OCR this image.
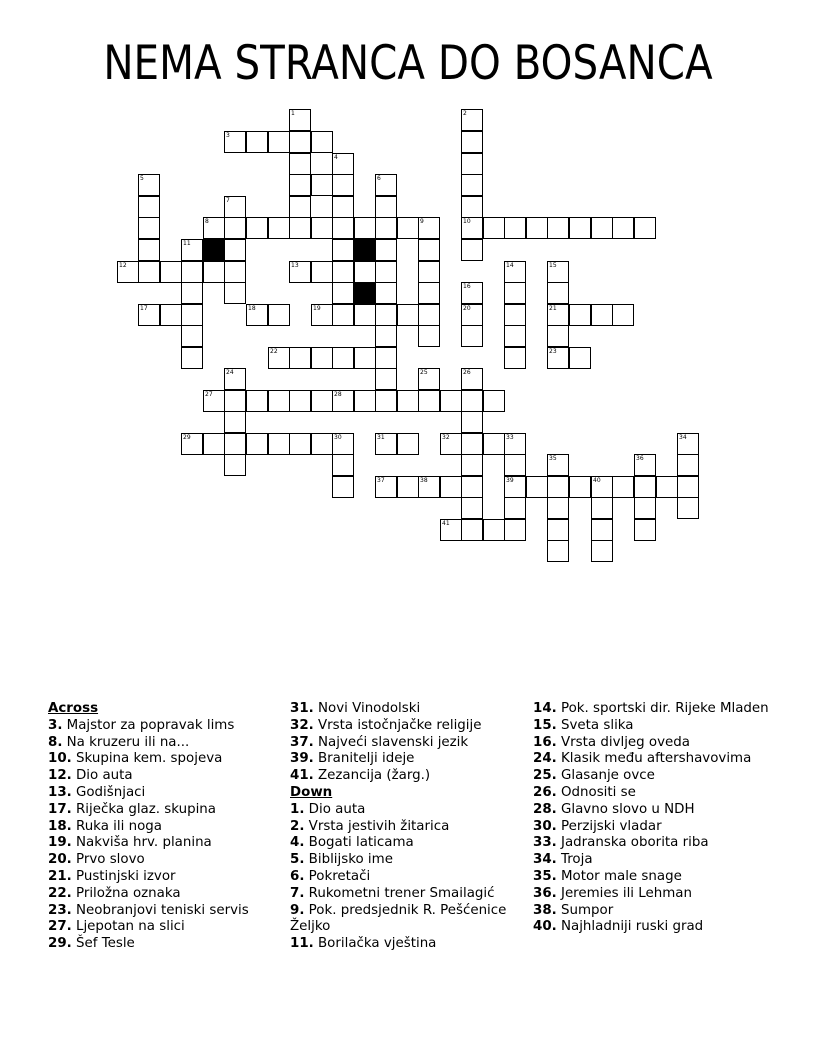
NEMA STRANCA DO BOSANCA
1	2
3
4
5	6
7
8	9	10
11
12	13	14	15
16
17	18	19	20	21
22	23
24	25	26
27	28
29	30	31	32	33	34
35	36
37	38	39	40
41
Across
3. Majstor za popravak lims
8. Na kruzeru ili na...
10. Skupina kem. spojeva
12. Dio auta
13. Godišnjaci
17. Riječka glaz. skupina
18. Ruka ili noga
19. Nakviša hrv. planina
20. Prvo slovo
21. Pustinjski izvor
22. Priložna oznaka
23. Neobranjovi teniski servis
27. Ljepotan na slici
29. Šef Tesle
31. Novi Vinodolski
32. Vrsta istočnjačke religije
37. Najveći slavenski jezik
39. Branitelji ideje
41. Zezancija (žarg.)
Down
1. Dio auta
2. Vrsta jestivih žitarica
4. Bogati laticama
5. Biblijsko ime
6. Pokretači
7. Rukometni trener Smailagić
9. Pok. predsjednik R. Pešćenice Željko
11. Borilačka vještina
14. Pok. sportski dir. Rijeke Mladen
15. Sveta slika
16. Vrsta divljeg oveda
24. Klasik među aftershavovima
25. Glasanje ovce
26. Odnositi se
28. Glavno slovo u NDH
30. Perzijski vladar
33. Jadranska oborita riba
34. Troja
35. Motor male snage
36. Jeremies ili Lehman
38. Sumpor
40. Najhladniji ruski grad
